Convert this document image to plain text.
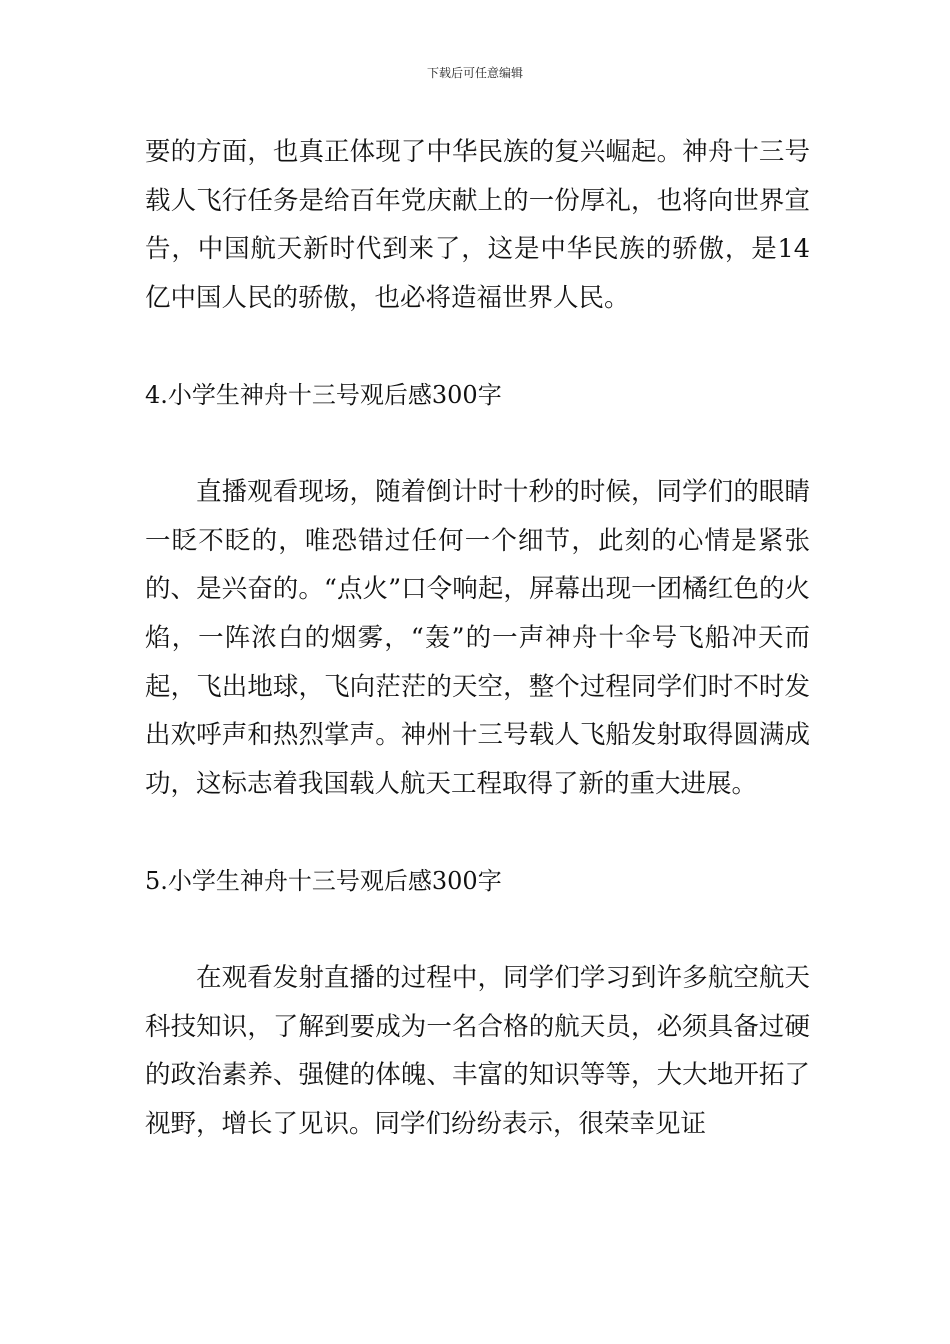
下载后可任意编辑

要的方面，也真正体现了中华民族的复兴崛起。神舟十三号载人飞行任务是给百年党庆献上的一份厚礼，也将向世界宣告，中国航天新时代到来了，这是中华民族的骄傲，是14亿中国人民的骄傲，也必将造福世界人民。

4.小学生神舟十三号观后感300字

直播观看现场，随着倒计时十秒的时候，同学们的眼睛一眨不眨的，唯恐错过任何一个细节，此刻的心情是紧张的、是兴奋的。“点火”口令响起，屏幕出现一团橘红色的火焰，一阵浓白的烟雾，“轰”的一声神舟十伞号飞船冲天而起，飞出地球，飞向茫茫的天空，整个过程同学们时不时发出欢呼声和热烈掌声。神州十三号载人飞船发射取得圆满成功，这标志着我国载人航天工程取得了新的重大进展。

5.小学生神舟十三号观后感300字

在观看发射直播的过程中，同学们学习到许多航空航天科技知识，了解到要成为一名合格的航天员，必须具备过硬的政治素养、强健的体魄、丰富的知识等等，大大地开拓了视野，增长了见识。同学们纷纷表示，很荣幸见证
